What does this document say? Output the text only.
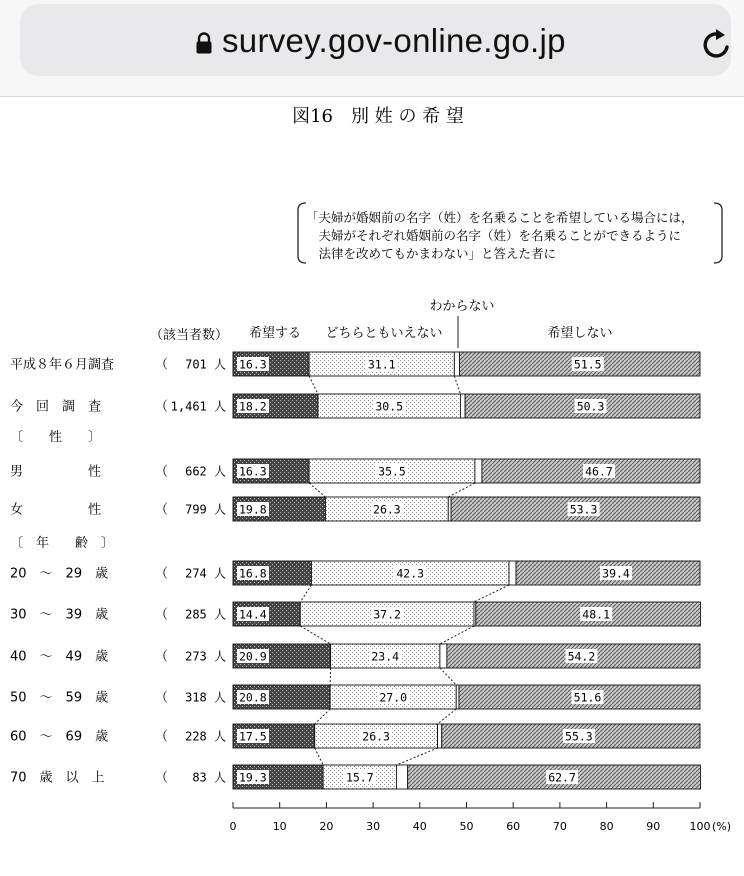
survey.gov-online.go.jp
図16　別 姓 の 希 望
「夫婦が婚姻前の名字（姓）を名乗ることを希望している場合には，
　夫婦がそれぞれ婚姻前の名字（姓）を名乗ることができるように
　法律を改めてもかまわない」と答えた者に
（該当者数） 希望する どちらともいえない
わからない
希望しない
〔　　性　　〕
〔　年　　齢　〕
平成８年６月調査	（ 701 人 16.3	31.1	51.5
今　回　調　査	（ 1,461 人 18.2	30.5	50.3
男　　　　　性	（ 662 人 16.3	35.5	46.7
女　　　　　性	（ 799 人 19.8	26.3	53.3
20　～　29　歳	（ 274 人 16.8	42.3	39.4
30　～　39　歳	（ 285 人 14.4	37.2	48.1
40　～　49　歳	（ 273 人 20.9	23.4	54.2
50　～　59　歳	（ 318 人 20.8	27.0	51.6
60　～　69　歳	（ 228 人 17.5	26.3	55.3
70　歳　以　上	（ 83 人 19.3	15.7	62.7
0	10	20	30	40	50	60	70	80	90	100 (%)
